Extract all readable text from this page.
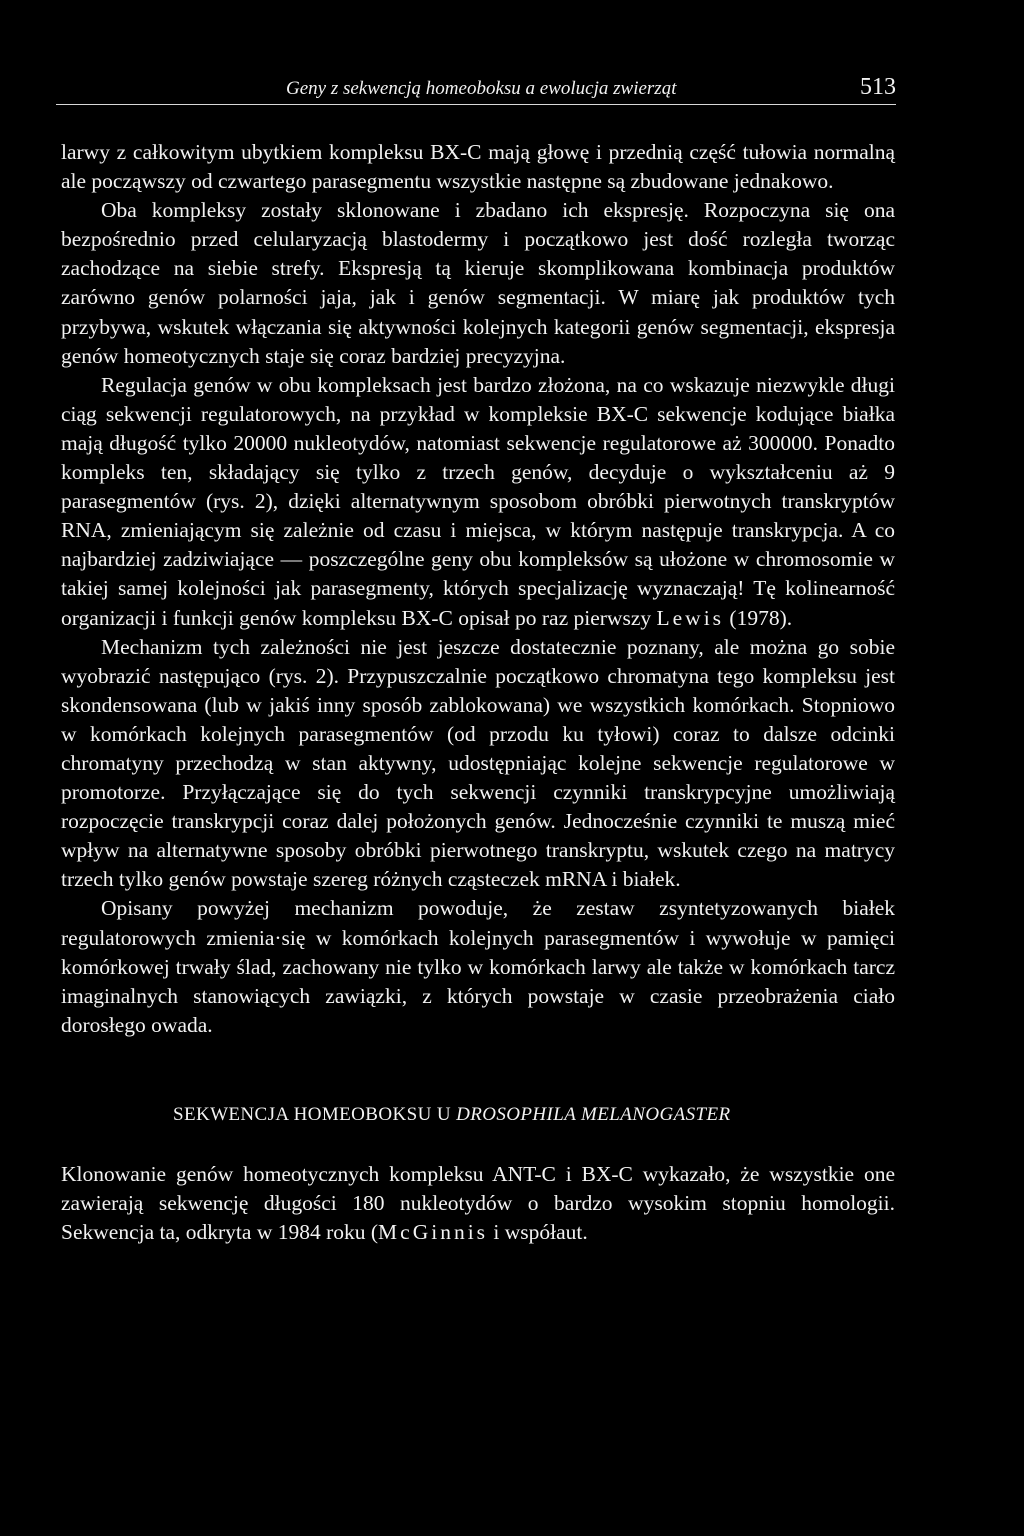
Geny z sekwencją homeoboksu a ewolucja zwierząt	513

larwy z całkowitym ubytkiem kompleksu BX-C mają głowę i przednią część tułowia normalną ale począwszy od czwartego parasegmentu wszystkie następne są zbudowane jednakowo.

Oba kompleksy zostały sklonowane i zbadano ich ekspresję. Rozpoczyna się ona bezpośrednio przed celularyzacją blastodermy i początkowo jest dość rozległa tworząc zachodzące na siebie strefy. Ekspresją tą kieruje skomplikowana kombinacja produktów zarówno genów polarności jaja, jak i genów segmentacji. W miarę jak produktów tych przybywa, wskutek włączania się aktywności kolejnych kategorii genów segmentacji, ekspresja genów homeotycznych staje się coraz bardziej precyzyjna.

Regulacja genów w obu kompleksach jest bardzo złożona, na co wskazuje niezwykle długi ciąg sekwencji regulatorowych, na przykład w kompleksie BX-C sekwencje kodujące białka mają długość tylko 20000 nukleotydów, natomiast sekwencje regulatorowe aż 300000. Ponadto kompleks ten, składający się tylko z trzech genów, decyduje o wykształceniu aż 9 parasegmentów (rys. 2), dzięki alternatywnym sposobom obróbki pierwotnych transkryptów RNA, zmieniającym się zależnie od czasu i miejsca, w którym następuje transkrypcja. A co najbardziej zadziwiające — poszczególne geny obu kompleksów są ułożone w chromosomie w takiej samej kolejności jak parasegmenty, których specjalizację wyznaczają! Tę kolinearność organizacji i funkcji genów kompleksu BX-C opisał po raz pierwszy Lewis (1978).

Mechanizm tych zależności nie jest jeszcze dostatecznie poznany, ale można go sobie wyobrazić następująco (rys. 2). Przypuszczalnie początkowo chromatyna tego kompleksu jest skondensowana (lub w jakiś inny sposób zablokowana) we wszystkich komórkach. Stopniowo w komórkach kolejnych parasegmentów (od przodu ku tyłowi) coraz to dalsze odcinki chromatyny przechodzą w stan aktywny, udostępniając kolejne sekwencje regulatorowe w promotorze. Przyłączające się do tych sekwencji czynniki transkrypcyjne umożliwiają rozpoczęcie transkrypcji coraz dalej położonych genów. Jednocześnie czynniki te muszą mieć wpływ na alternatywne sposoby obróbki pierwotnego transkryptu, wskutek czego na matrycy trzech tylko genów powstaje szereg różnych cząsteczek mRNA i białek.

Opisany powyżej mechanizm powoduje, że zestaw zsyntetyzowanych białek regulatorowych zmienia·się w komórkach kolejnych parasegmentów i wywołuje w pamięci komórkowej trwały ślad, zachowany nie tylko w komórkach larwy ale także w komórkach tarcz imaginalnych stanowiących zawiązki, z których powstaje w czasie przeobrażenia ciało dorosłego owada.

SEKWENCJA HOMEOBOKSU U DROSOPHILA MELANOGASTER
Klonowanie genów homeotycznych kompleksu ANT-C i BX-C wykazało, że wszystkie one zawierają sekwencję długości 180 nukleotydów o bardzo wysokim stopniu homologii. Sekwencja ta, odkryta w 1984 roku (McGinnis i współaut.
